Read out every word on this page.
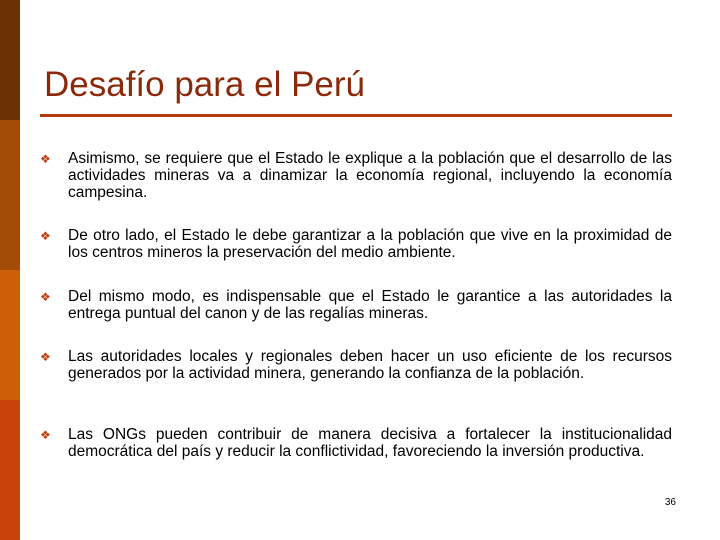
Desafío para el Perú
❖	Asimismo, se requiere que el Estado le explique a la población que el desarrollo de las actividades mineras va a dinamizar la economía regional, incluyendo la economía campesina.

❖	De otro lado, el Estado le debe garantizar a la población que vive en la proximidad de los centros mineros la preservación del medio ambiente.

❖	Del mismo modo, es indispensable que el Estado le garantice a las autoridades la entrega puntual del canon y de las regalías mineras.

❖	Las autoridades locales y regionales deben hacer un uso eficiente de los recursos generados por la actividad minera, generando la confianza de la población.

❖	Las ONGs pueden contribuir de manera decisiva a fortalecer la institucionalidad democrática del país y reducir la conflictividad, favoreciendo la inversión productiva.

36
